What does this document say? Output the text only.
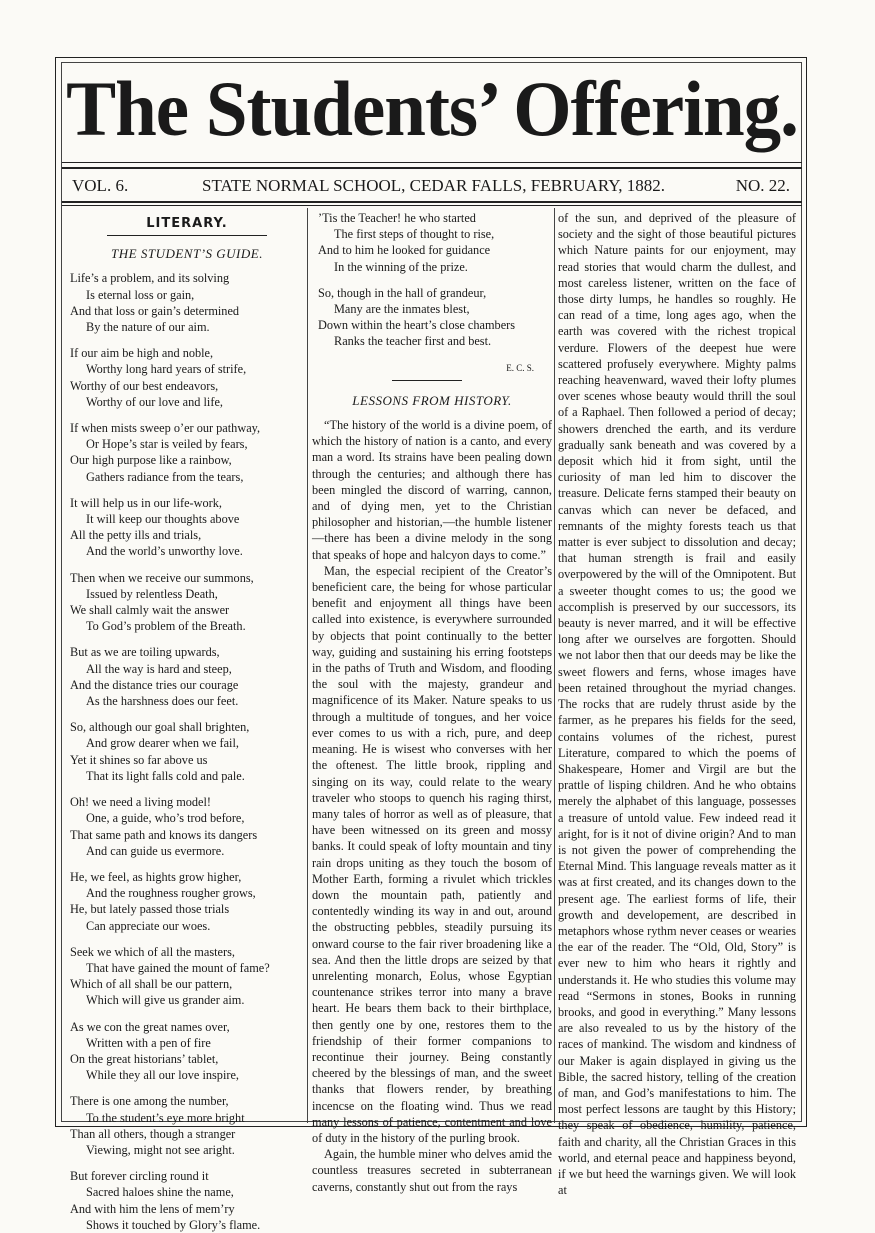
The Students’ Offering.
VOL. 6.	STATE NORMAL SCHOOL, CEDAR FALLS, FEBRUARY, 1882.	NO. 22.
LITERARY.
THE STUDENT’S GUIDE.

Life’s a problem, and its solving

Is eternal loss or gain,

And that loss or gain’s determined

By the nature of our aim.

If our aim be high and noble,

Worthy long hard years of strife,

Worthy of our best endeavors,

Worthy of our love and life,

If when mists sweep o’er our pathway,

Or Hope’s star is veiled by fears,

Our high purpose like a rainbow,

Gathers radiance from the tears,

It will help us in our life-work,

It will keep our thoughts above

All the petty ills and trials,

And the world’s unworthy love.

Then when we receive our summons,

Issued by relentless Death,

We shall calmly wait the answer

To God’s problem of the Breath.

But as we are toiling upwards,

All the way is hard and steep,

And the distance tries our courage

As the harshness does our feet.

So, although our goal shall brighten,

And grow dearer when we fail,

Yet it shines so far above us

That its light falls cold and pale.

Oh! we need a living model!

One, a guide, who’s trod before,

That same path and knows its dangers

And can guide us evermore.

He, we feel, as hights grow higher,

And the roughness rougher grows,

He, but lately passed those trials

Can appreciate our woes.

Seek we which of all the masters,

That have gained the mount of fame?

Which of all shall be our pattern,

Which will give us grander aim.

As we con the great names over,

Written with a pen of fire

On the great historians’ tablet,

While they all our love inspire,

There is one among the number,

To the student’s eye more bright

Than all others, though a stranger

Viewing, might not see aright.

But forever circling round it

Sacred haloes shine the name,

And with him the lens of mem’ry

Shows it touched by Glory’s flame.

’Tis the Teacher! he who started

The first steps of thought to rise,

And to him he looked for guidance

In the winning of the prize.

So, though in the hall of grandeur,

Many are the inmates blest,

Down within the heart’s close chambers

Ranks the teacher first and best.

E. C. S.

LESSONS FROM HISTORY.

“The history of the world is a divine poem, of which the history of nation is a canto, and every man a word. Its strains have been pealing down through the centuries; and although there has been mingled the discord of warring, cannon, and of dying men, yet to the Christian philosopher and historian,—the humble listener—there has been a divine melody in the song that speaks of hope and halcyon days to come.”

Man, the especial recipient of the Creator’s beneficient care, the being for whose particular benefit and enjoyment all things have been called into existence, is everywhere surrounded by objects that point continually to the better way, guiding and sustaining his erring footsteps in the paths of Truth and Wisdom, and flooding the soul with the majesty, grandeur and magnificence of its Maker. Nature speaks to us through a multitude of tongues, and her voice ever comes to us with a rich, pure, and deep meaning. He is wisest who converses with her the oftenest. The little brook, rippling and singing on its way, could relate to the weary traveler who stoops to quench his raging thirst, many tales of horror as well as of pleasure, that have been witnessed on its green and mossy banks. It could speak of lofty mountain and tiny rain drops uniting as they touch the bosom of Mother Earth, forming a rivulet which trickles down the mountain path, patiently and contentedly winding its way in and out, around the obstructing pebbles, steadily pursuing its onward course to the fair river broadening like a sea. And then the little drops are seized by that unrelenting monarch, Eolus, whose Egyptian countenance strikes terror into many a brave heart. He bears them back to their birthplace, then gently one by one, restores them to the friendship of their former companions to recontinue their journey. Being constantly cheered by the blessings of man, and the sweet thanks that flowers render, by breathing incencse on the floating wind. Thus we read many lessons of patience, contentment and love of duty in the history of the purling brook.

Again, the humble miner who delves amid the countless treasures secreted in subterranean caverns, constantly shut out from the rays

of the sun, and deprived of the pleasure of society and the sight of those beautiful pictures which Nature paints for our enjoyment, may read stories that would charm the dullest, and most careless listener, written on the face of those dirty lumps, he handles so roughly. He can read of a time, long ages ago, when the earth was covered with the richest tropical verdure. Flowers of the deepest hue were scattered profusely everywhere. Mighty palms reaching heavenward, waved their lofty plumes over scenes whose beauty would thrill the soul of a Raphael. Then followed a period of decay; showers drenched the earth, and its verdure gradually sank beneath and was covered by a deposit which hid it from sight, until the curiosity of man led him to discover the treasure. Delicate ferns stamped their beauty on canvas which can never be defaced, and remnants of the mighty forests teach us that matter is ever subject to dissolution and decay; that human strength is frail and easily overpowered by the will of the Omnipotent. But a sweeter thought comes to us; the good we accomplish is preserved by our successors, its beauty is never marred, and it will be effective long after we ourselves are forgotten. Should we not labor then that our deeds may be like the sweet flowers and ferns, whose images have been retained throughout the myriad changes. The rocks that are rudely thrust aside by the farmer, as he prepares his fields for the seed, contains volumes of the richest, purest Literature, compared to which the poems of Shakespeare, Homer and Virgil are but the prattle of lisping children. And he who obtains merely the alphabet of this language, possesses a treasure of untold value. Few indeed read it aright, for is it not of divine origin? And to man is not given the power of comprehending the Eternal Mind. This language reveals matter as it was at first created, and its changes down to the present age. The earliest forms of life, their growth and developement, are described in metaphors whose rythm never ceases or wearies the ear of the reader. The “Old, Old, Story” is ever new to him who hears it rightly and understands it. He who studies this volume may read “Sermons in stones, Books in running brooks, and good in everything.” Many lessons are also revealed to us by the history of the races of mankind. The wisdom and kindness of our Maker is again displayed in giving us the Bible, the sacred history, telling of the creation of man, and God’s manifestations to him. The most perfect lessons are taught by this History; they speak of obedience, humility, patience, faith and charity, all the Christian Graces in this world, and eternal peace and happiness beyond, if we but heed the warnings given. We will look at
